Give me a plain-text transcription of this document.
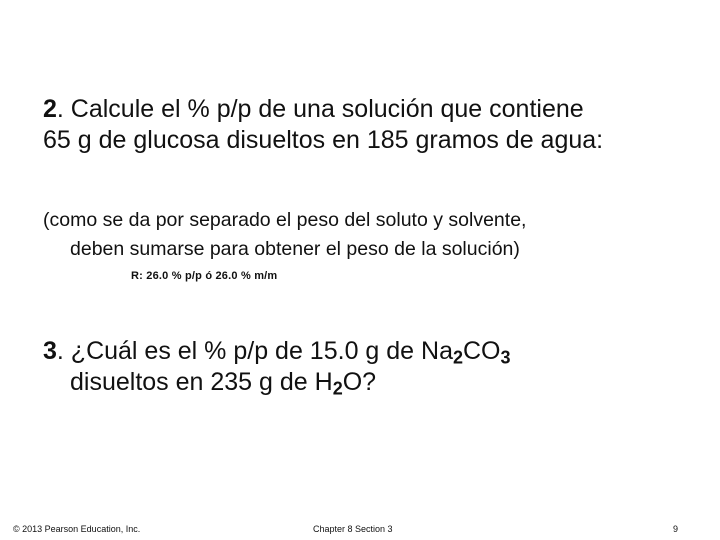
2. Calcule el % p/p de una solución que contiene
65 g de glucosa disueltos en 185 gramos de agua:
(como se da por separado el peso del soluto y solvente,
deben sumarse para obtener el peso de la solución)
R: 26.0 % p/p ó 26.0 % m/m
3. ¿Cuál es el % p/p de 15.0 g de $Na_2CO_3$
disueltos en 235 g de $H_2O$?
© 2013 Pearson Education, Inc.	Chapter 8 Section 3	9
